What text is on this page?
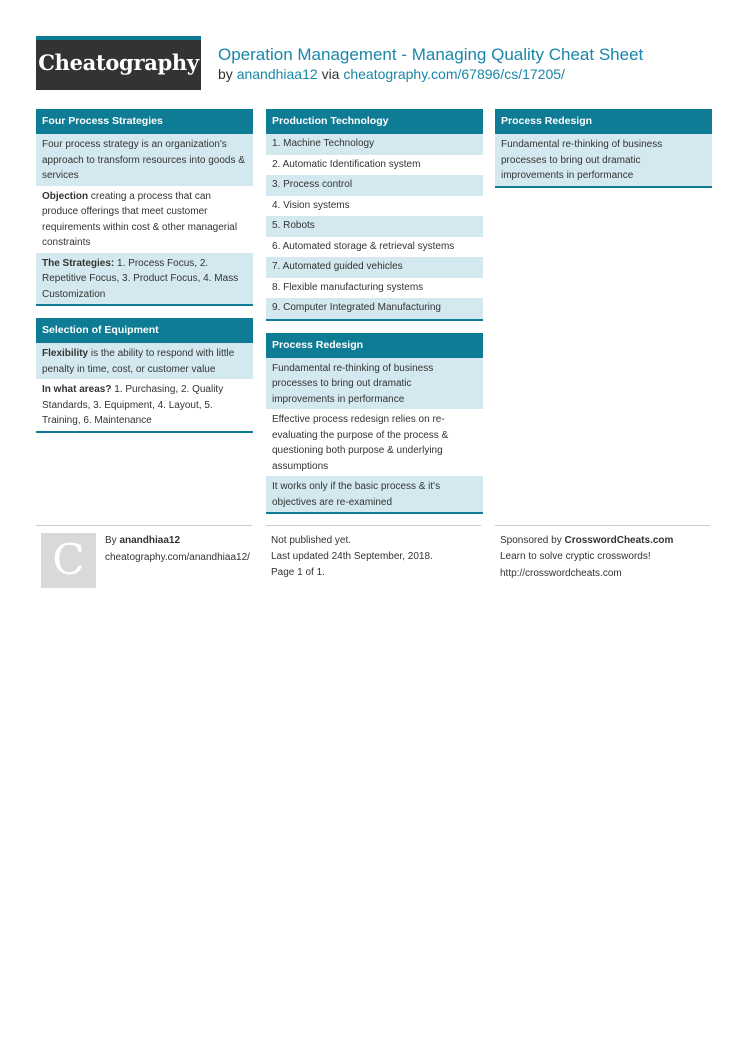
Cheatography Operation Management - Managing Quality Cheat Sheet
by anandhiaa12 via cheatography.com/67896/cs/17205/
Four Process Strategies
Four process strategy is an organization's approach to transform resources into goods & services
Objection creating a process that can produce offerings that meet customer requirements within cost & other managerial constraints
The Strategies: 1. Process Focus, 2. Repetitive Focus, 3. Product Focus, 4. Mass Customization
Selection of Equipment
Flexibility is the ability to respond with little penalty in time, cost, or customer value
In what areas? 1. Purchasing, 2. Quality Standards, 3. Equipment, 4. Layout, 5. Training, 6. Maintenance
Production Technology
1. Machine Technology
2. Automatic Identification system
3. Process control
4. Vision systems
5. Robots
6. Automated storage & retrieval systems
7. Automated guided vehicles
8. Flexible manufacturing systems
9. Computer Integrated Manufacturing
Process Redesign
Fundamental re-thinking of business processes to bring out dramatic improvements in performance
Effective process redesign relies on re-evaluating the purpose of the process & questioning both purpose & underlying assumptions
It works only if the basic process & it's objectives are re-examined
Process Redesign
Fundamental re-thinking of business processes to bring out dramatic improvements in performance
C	By anandhiaa12
cheatography.com/anandhiaa12/
Not published yet.
Last updated 24th September, 2018.
Page 1 of 1.
Sponsored by CrosswordCheats.com
Learn to solve cryptic crosswords!
http://crosswordcheats.com
